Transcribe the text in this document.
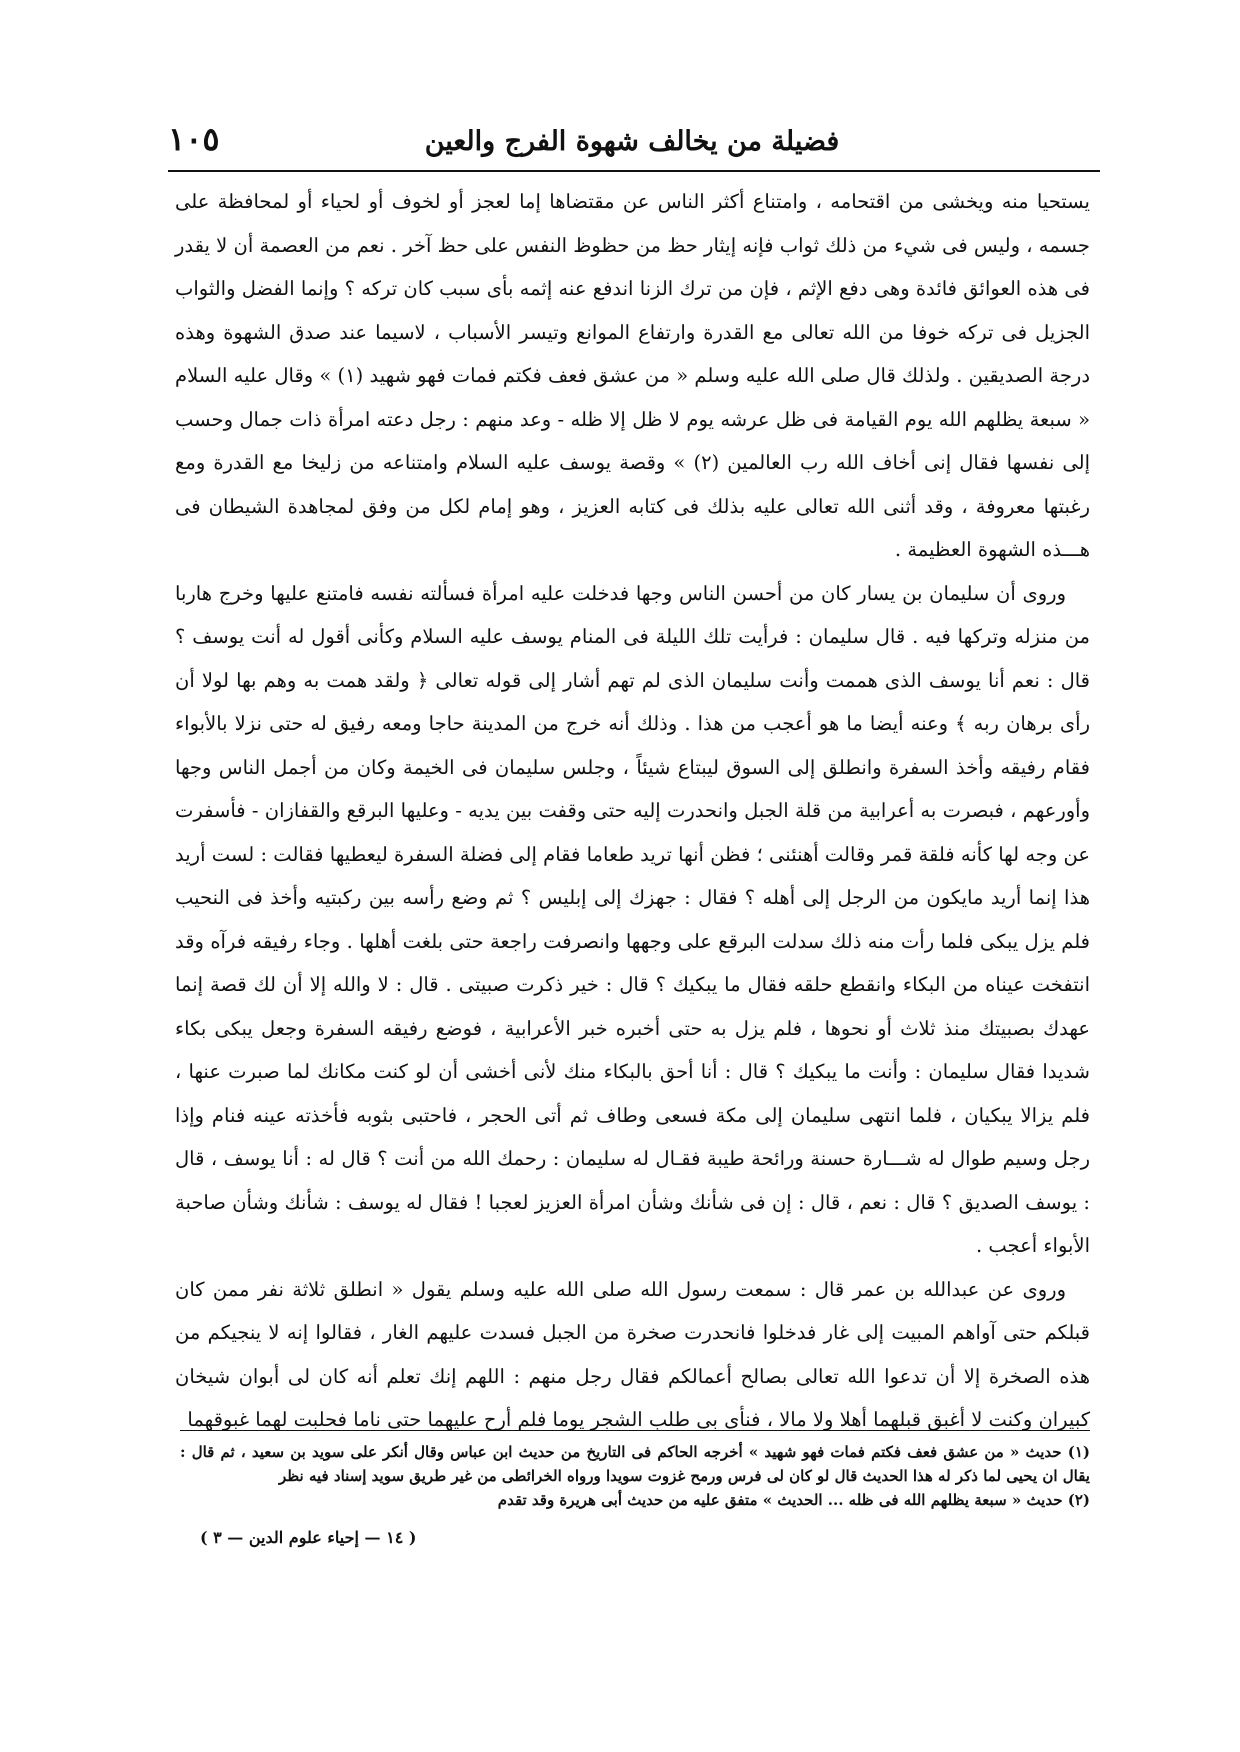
فضيلة من يخالف شهوة الفرج والعين
١٠٥

يستحيا منه ويخشى من اقتحامه ، وامتناع أكثر الناس عن مقتضاها إما لعجز أو لخوف أو لحياء أو لمحافظة على جسمه ، وليس فى شيء من ذلك ثواب فإنه إيثار حظ من حظوظ النفس على حظ آخر . نعم من العصمة أن لا يقدر فى هذه العوائق فائدة وهى دفع الإثم ، فإن من ترك الزنا اندفع عنه إثمه بأى سبب كان تركه ؟ وإنما الفضل والثواب الجزيل فى تركه خوفا من الله تعالى مع القدرة وارتفاع الموانع وتيسر الأسباب ، لاسيما عند صدق الشهوة وهذه درجة الصديقين . ولذلك قال صلى الله عليه وسلم « من عشق فعف فكتم فمات فهو شهيد (١) » وقال عليه السلام « سبعة يظلهم الله يوم القيامة فى ظل عرشه يوم لا ظل إلا ظله - وعد منهم : رجل دعته امرأة ذات جمال وحسب إلى نفسها فقال إنى أخاف الله رب العالمين (٢) » وقصة يوسف عليه السلام وامتناعه من زليخا مع القدرة ومع رغبتها معروفة ، وقد أثنى الله تعالى عليه بذلك فى كتابه العزيز ، وهو إمام لكل من وفق لمجاهدة الشيطان فى هـــذه الشهوة العظيمة .

وروى أن سليمان بن يسار كان من أحسن الناس وجها فدخلت عليه امرأة فسألته نفسه فامتنع عليها وخرج هاربا من منزله وتركها فيه . قال سليمان : فرأيت تلك الليلة فى المنام يوسف عليه السلام وكأنى أقول له أنت يوسف ؟ قال : نعم أنا يوسف الذى هممت وأنت سليمان الذى لم تهم أشار إلى قوله تعالى ﴿ ولقد همت به وهم بها لولا أن رأى برهان ربه ﴾ وعنه أيضا ما هو أعجب من هذا . وذلك أنه خرج من المدينة حاجا ومعه رفيق له حتى نزلا بالأبواء فقام رفيقه وأخذ السفرة وانطلق إلى السوق ليبتاع شيئاً ، وجلس سليمان فى الخيمة وكان من أجمل الناس وجها وأورعهم ، فبصرت به أعرابية من قلة الجبل وانحدرت إليه حتى وقفت بين يديه - وعليها البرقع والقفازان - فأسفرت عن وجه لها كأنه فلقة قمر وقالت أهنئنى ؛ فظن أنها تريد طعاما فقام إلى فضلة السفرة ليعطيها فقالت : لست أريد هذا إنما أريد مايكون من الرجل إلى أهله ؟ فقال : جهزك إلى إبليس ؟ ثم وضع رأسه بين ركبتيه وأخذ فى النحيب فلم يزل يبكى فلما رأت منه ذلك سدلت البرقع على وجهها وانصرفت راجعة حتى بلغت أهلها . وجاء رفيقه فرآه وقد انتفخت عيناه من البكاء وانقطع حلقه فقال ما يبكيك ؟ قال : خير ذكرت صبيتى . قال : لا والله إلا أن لك قصة إنما عهدك بصبيتك منذ ثلاث أو نحوها ، فلم يزل به حتى أخبره خبر الأعرابية ، فوضع رفيقه السفرة وجعل يبكى بكاء شديدا فقال سليمان : وأنت ما يبكيك ؟ قال : أنا أحق بالبكاء منك لأنى أخشى أن لو كنت مكانك لما صبرت عنها ، فلم يزالا يبكيان ، فلما انتهى سليمان إلى مكة فسعى وطاف ثم أتى الحجر ، فاحتبى بثوبه فأخذته عينه فنام وإذا رجل وسيم طوال له شـــارة حسنة ورائحة طيبة فقـال له سليمان : رحمك الله من أنت ؟ قال له : أنا يوسف ، قال : يوسف الصديق ؟ قال : نعم ، قال : إن فى شأنك وشأن امرأة العزيز لعجبا ! فقال له يوسف : شأنك وشأن صاحبة الأبواء أعجب .

وروى عن عبدالله بن عمر قال : سمعت رسول الله صلى الله عليه وسلم يقول « انطلق ثلاثة نفر ممن كان قبلكم حتى آواهم المبيت إلى غار فدخلوا فانحدرت صخرة من الجبل فسدت عليهم الغار ، فقالوا إنه لا ينجيكم من هذه الصخرة إلا أن تدعوا الله تعالى بصالح أعمالكم فقال رجل منهم : اللهم إنك تعلم أنه كان لى أبوان شيخان كبيران وكنت لا أغبق قبلهما أهلا ولا مالا ، فنأى بى طلب الشجر يوما فلم أرح عليهما حتى ناما فحلبت لهما غبوقهما

(١) حديث « من عشق فعف فكتم فمات فهو شهيد » أخرجه الحاكم فى التاريخ من حديث ابن عباس وقال أنكر على سويد بن سعيد ، ثم قال : يقال ان يحيى لما ذكر له هذا الحديث قال لو كان لى فرس ورمح غزوت سويدا ورواه الخرائطى من غير طريق سويد إسناد فيه نظر

(٢) حديث « سبعة يظلهم الله فى ظله ... الحديث » متفق عليه من حديث أبى هريرة وقد تقدم

( ١٤ — إحياء علوم الدين — ٣ )
